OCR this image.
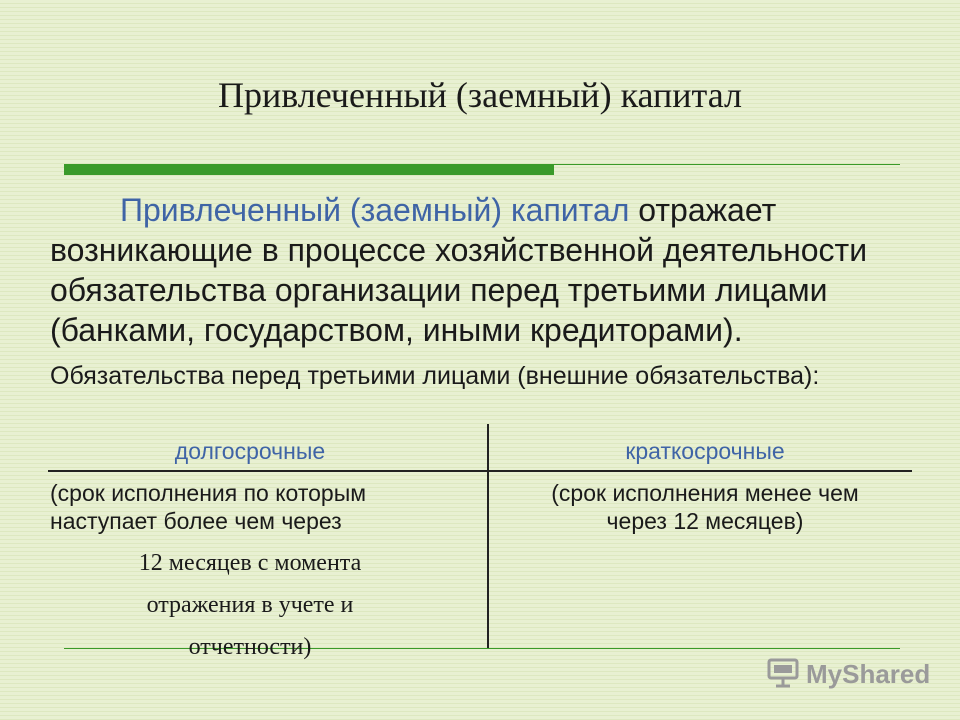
Привлеченный (заемный) капитал
Привлеченный (заемный) капитал отражает
возникающие в процессе хозяйственной деятельности
обязательства организации перед третьими лицами
(банками, государством, иными кредиторами).
Обязательства перед третьими лицами (внешние обязательства):
долгосрочные	краткосрочные
(срок исполнения по которым
наступает более чем через
12 месяцев с момента
отражения в учете и
отчетности)
(срок исполнения менее чем
через 12 месяцев)
MyShared
